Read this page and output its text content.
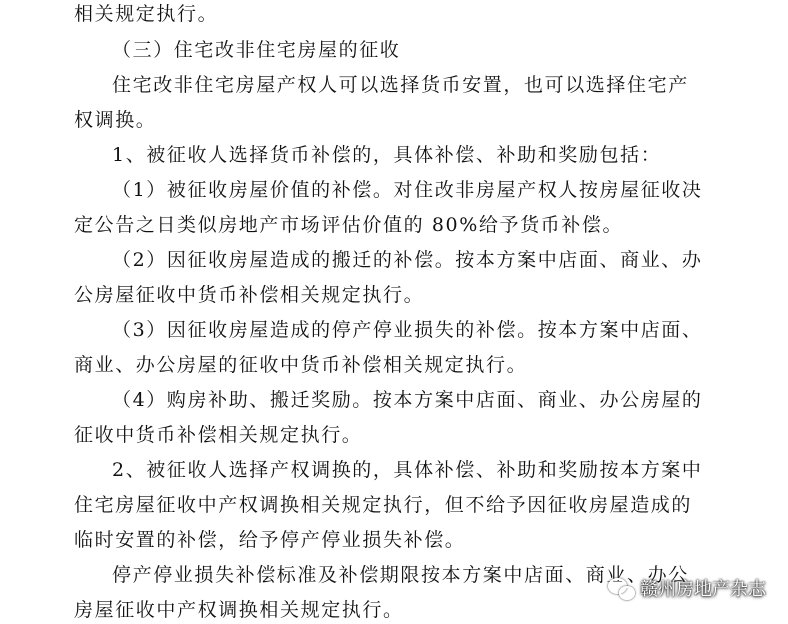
相关规定执行。
（三）住宅改非住宅房屋的征收
住宅改非住宅房屋产权人可以选择货币安置，也可以选择住宅产
权调换。
1、被征收人选择货币补偿的，具体补偿、补助和奖励包括：
（1）被征收房屋价值的补偿。对住改非房屋产权人按房屋征收决
定公告之日类似房地产市场评估价值的 80%给予货币补偿。
（2）因征收房屋造成的搬迁的补偿。按本方案中店面、商业、办
公房屋征收中货币补偿相关规定执行。
（3）因征收房屋造成的停产停业损失的补偿。按本方案中店面、
商业、办公房屋的征收中货币补偿相关规定执行。
（4）购房补助、搬迁奖励。按本方案中店面、商业、办公房屋的
征收中货币补偿相关规定执行。
2、被征收人选择产权调换的，具体补偿、补助和奖励按本方案中
住宅房屋征收中产权调换相关规定执行，但不给予因征收房屋造成的
临时安置的补偿，给予停产停业损失补偿。
停产停业损失补偿标准及补偿期限按本方案中店面、商业、办公
房屋征收中产权调换相关规定执行。
赣州房地产杂志
